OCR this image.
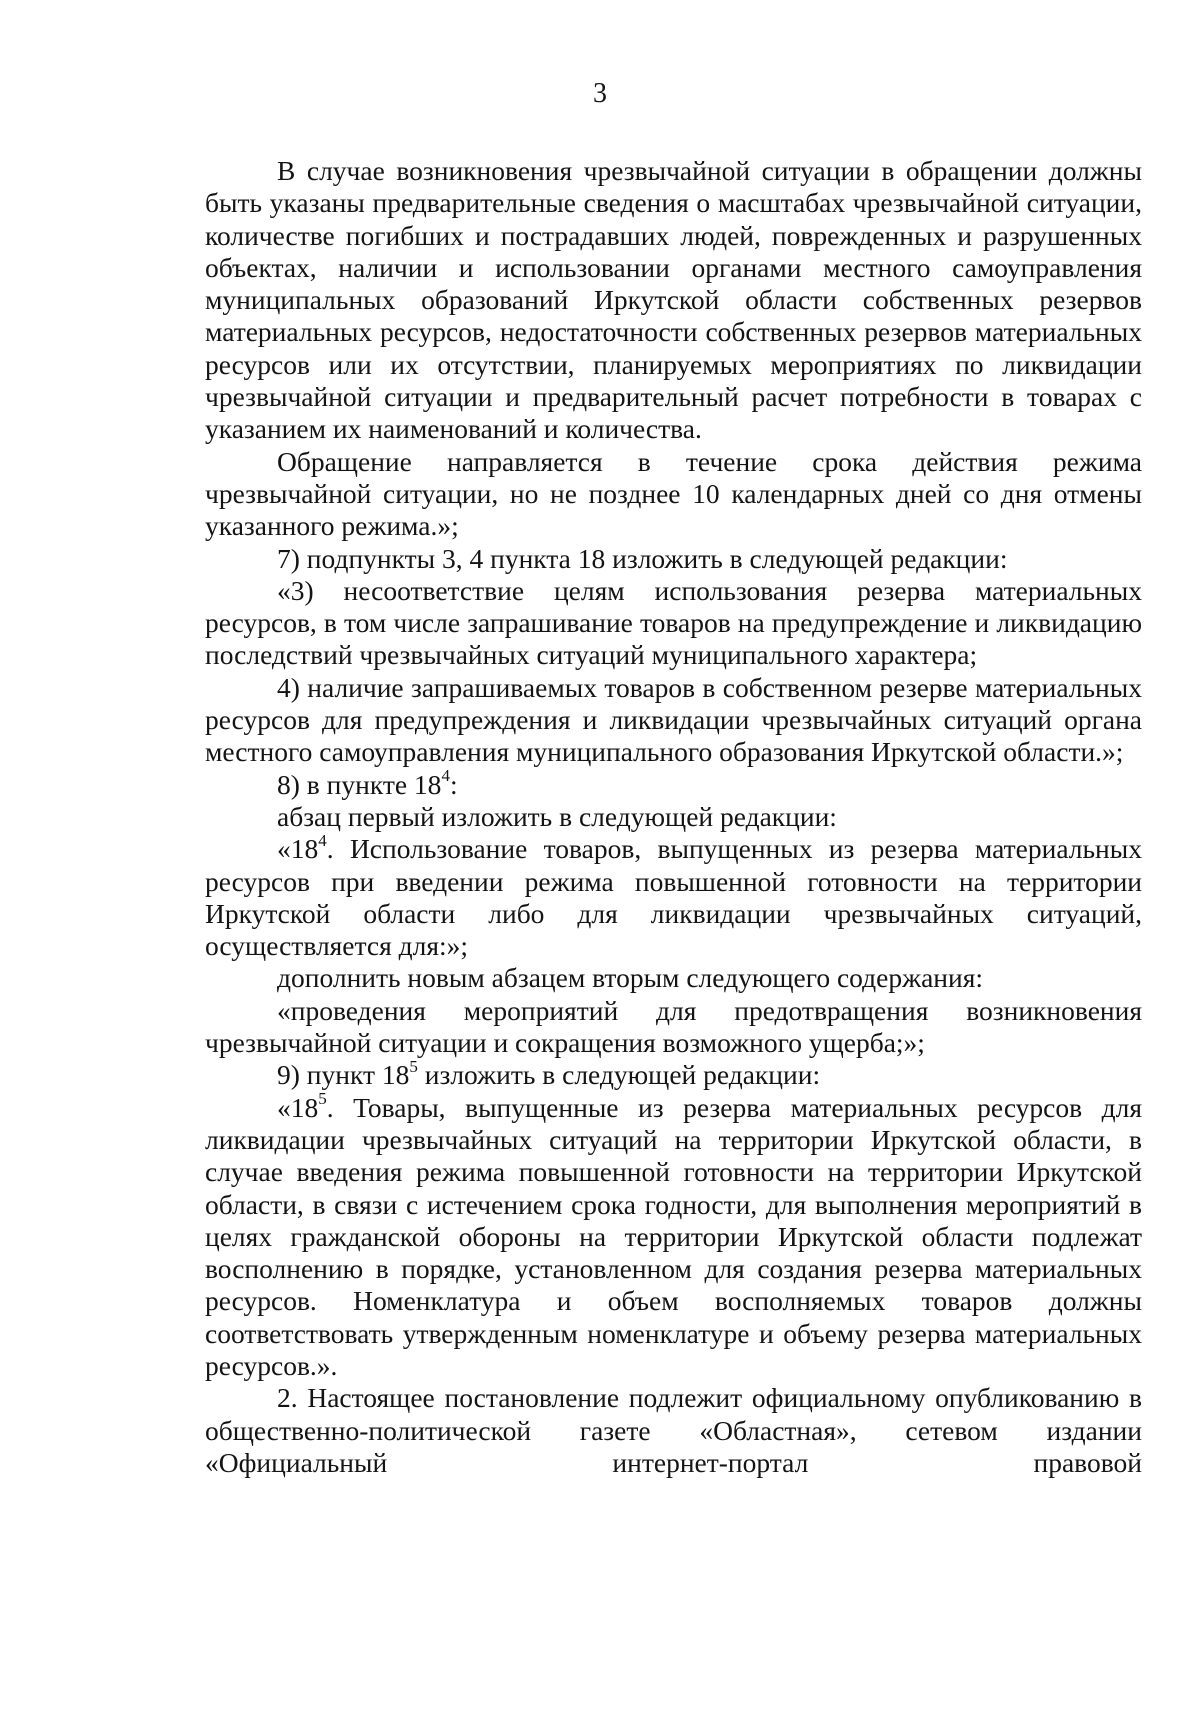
3

В случае возникновения чрезвычайной ситуации в обращении должны быть указаны предварительные сведения о масштабах чрезвычайной ситуации, количестве погибших и пострадавших людей, поврежденных и разрушенных объектах, наличии и использовании органами местного самоуправления муниципальных образований Иркутской области собственных резервов материальных ресурсов, недостаточности собственных резервов материальных ресурсов или их отсутствии, планируемых мероприятиях по ликвидации чрезвычайной ситуации и предварительный расчет потребности в товарах с указанием их наименований и количества.

Обращение направляется в течение срока действия режима чрезвычайной ситуации, но не позднее 10 календарных дней со дня отмены указанного режима.»;

7) подпункты 3, 4 пункта 18 изложить в следующей редакции:

«3) несоответствие целям использования резерва материальных ресурсов, в том числе запрашивание товаров на предупреждение и ликвидацию последствий чрезвычайных ситуаций муниципального характера;

4) наличие запрашиваемых товаров в собственном резерве материальных ресурсов для предупреждения и ликвидации чрезвычайных ситуаций органа местного самоуправления муниципального образования Иркутской области.»;

8) в пункте $18^4$:

абзац первый изложить в следующей редакции:

«$18^4$. Использование товаров, выпущенных из резерва материальных ресурсов при введении режима повышенной готовности на территории Иркутской области либо для ликвидации чрезвычайных ситуаций, осуществляется для:»;

дополнить новым абзацем вторым следующего содержания:

«проведения мероприятий для предотвращения возникновения чрезвычайной ситуации и сокращения возможного ущерба;»;

9) пункт $18^5$ изложить в следующей редакции:

«$18^5$. Товары, выпущенные из резерва материальных ресурсов для ликвидации чрезвычайных ситуаций на территории Иркутской области, в случае введения режима повышенной готовности на территории Иркутской области, в связи с истечением срока годности, для выполнения мероприятий в целях гражданской обороны на территории Иркутской области подлежат восполнению в порядке, установленном для создания резерва материальных ресурсов. Номенклатура и объем восполняемых товаров должны соответствовать утвержденным номенклатуре и объему резерва материальных ресурсов.».

2. Настоящее постановление подлежит официальному опубликованию в общественно-политической газете «Областная», сетевом издании «Официальный интернет-портал правовой
